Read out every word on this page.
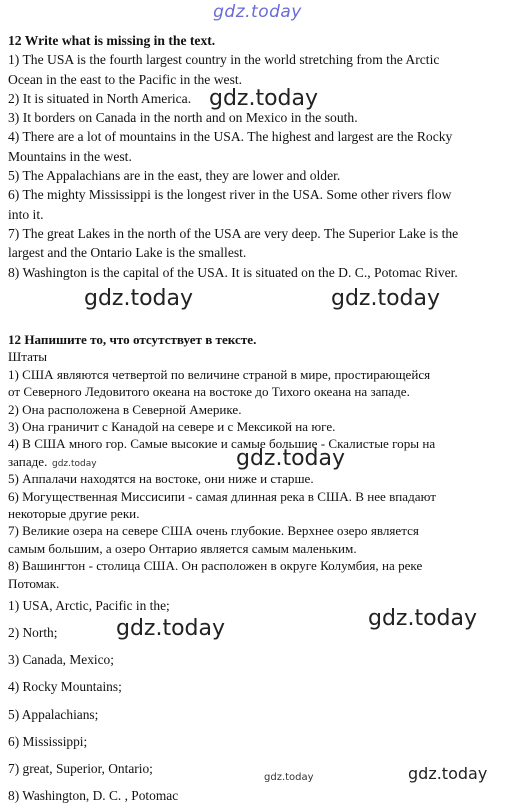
gdz.today
12 Write what is missing in the text.
1) The USA is the fourth largest country in the world stretching from the Arctic
Ocean in the east to the Pacific in the west.
2) It is situated in North America.
3) It borders on Canada in the north and on Mexico in the south.
4) There are a lot of mountains in the USA. The highest and largest are the Rocky
Mountains in the west.
5) The Appalachians are in the east, they are lower and older.
6) The mighty Mississippi is the longest river in the USA. Some other rivers flow
into it.
7) The great Lakes in the north of the USA are very deep. The Superior Lake is the
largest and the Ontario Lake is the smallest.
8) Washington is the capital of the USA. It is situated on the D. C., Potomac River.
12 Напишите то, что отсутствует в тексте.
Штаты
1) США являются четвертой по величине страной в мире, простирающейся
от Северного Ледовитого океана на востоке до Тихого океана на западе.
2) Она расположена в Северной Америке.
3) Она граничит с Канадой на севере и с Мексикой на юге.
4) В США много гор. Самые высокие и самые большие - Скалистые горы на
западе.
5) Аппалачи находятся на востоке, они ниже и старше.
6) Могущественная Миссисипи - самая длинная река в США. В нее впадают
некоторые другие реки.
7) Великие озера на севере США очень глубокие. Верхнее озеро является
самым большим, а озеро Онтарио является самым маленьким.
8) Вашингтон - столица США. Он расположен в округе Колумбия, на реке
Потомак.
1) USA, Arctic, Pacific in the;
2) North;
3) Canada, Mexico;
4) Rocky Mountains;
5) Appalachians;
6) Mississippi;
7) great, Superior, Ontario;
8) Washington, D. C. , Potomac
gdz.today
gdz.today	gdz.today
gdz.today
gdz.today
gdz.today
gdz.today
gdz.today	gdz.today
